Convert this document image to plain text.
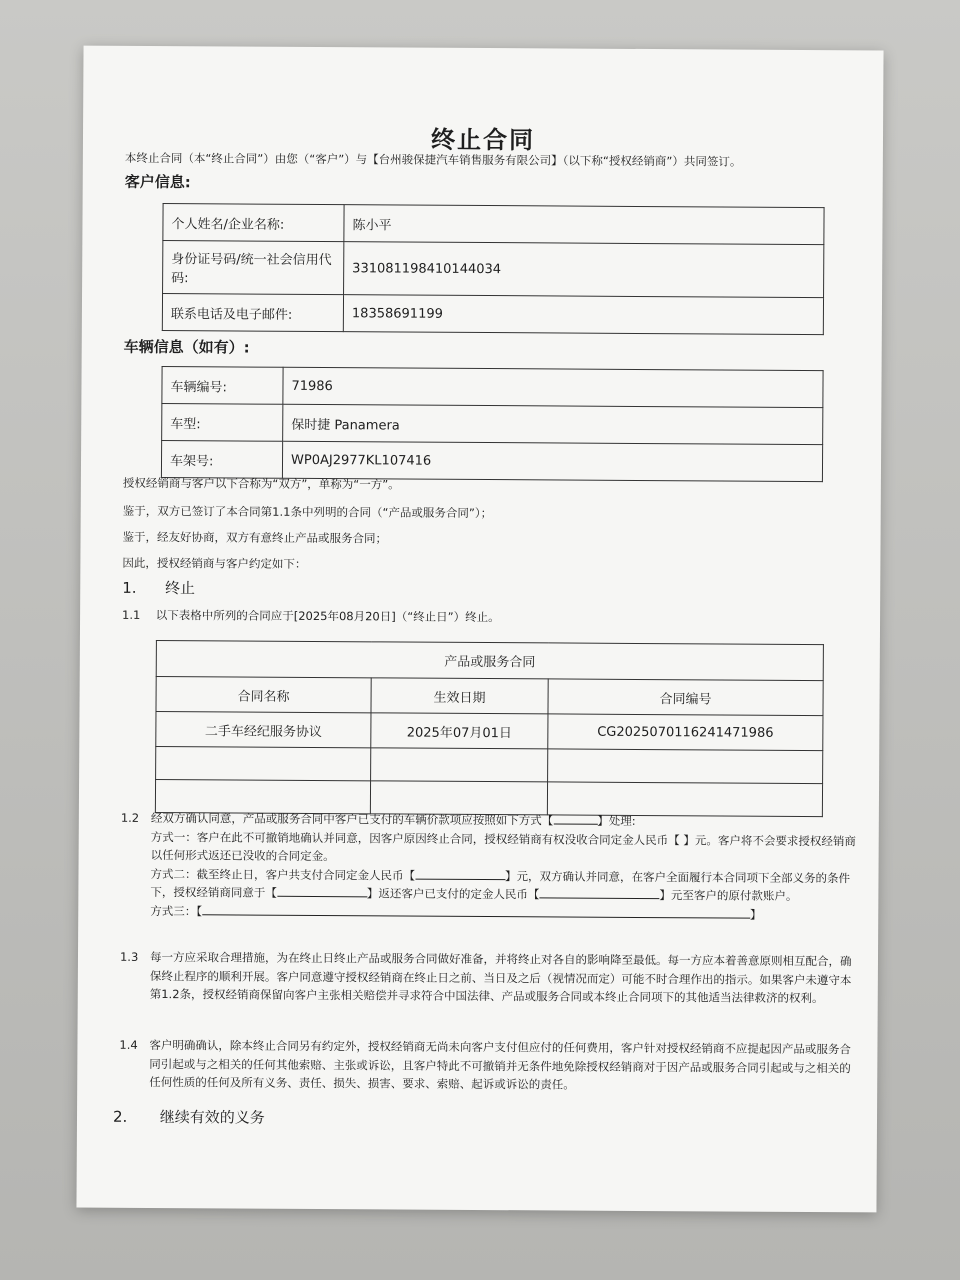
终止合同
本终止合同（本“终止合同”）由您（“客户”）与【台州骏保捷汽车销售服务有限公司】（以下称“授权经销商”）共同签订。
客户信息:
个人姓名/企业名称:	陈小平
身份证号码/统一社会信用代码:	331081198410144034
联系电话及电子邮件:	18358691199
车辆信息（如有）:
车辆编号:	71986
车型:	保时捷 Panamera
车架号:	WP0AJ2977KL107416
授权经销商与客户以下合称为“双方”，单称为“一方”。
鉴于，双方已签订了本合同第1.1条中列明的合同（“产品或服务合同”）；
鉴于，经友好协商，双方有意终止产品或服务合同；
因此，授权经销商与客户约定如下：
1. 终止
1.1 以下表格中所列的合同应于[2025年08月20日]（“终止日”）终止。
产品或服务合同		
合同名称	生效日期	合同编号
二手车经纪服务协议	2025年07月01日	CG2025070116241471986

1.2 经双方确认同意，产品或服务合同中客户已支付的车辆价款项应按照如下方式【	】处理:
方式一：客户在此不可撤销地确认并同意，因客户原因终止合同，授权经销商有权没收合同定金人民币【 】元。客户将不会要求授权经销商以任何形式返还已没收的合同定金。
方式二：截至终止日，客户共支付合同定金人民币【	】元，双方确认并同意，在客户全面履行本合同项下全部义务的条件下，授权经销商同意于【	】返还客户已支付的定金人民币【	】元至客户的原付款账户。
方式三：【	】
1.3 每一方应采取合理措施，为在终止日终止产品或服务合同做好准备，并将终止对各自的影响降至最低。每一方应本着善意原则相互配合，确保终止程序的顺利开展。客户同意遵守授权经销商在终止日之前、当日及之后（视情况而定）可能不时合理作出的指示。如果客户未遵守本第1.2条，授权经销商保留向客户主张相关赔偿并寻求符合中国法律、产品或服务合同或本终止合同项下的其他适当法律救济的权利。
1.4 客户明确确认，除本终止合同另有约定外，授权经销商无尚未向客户支付但应付的任何费用，客户针对授权经销商不应提起因产品或服务合同引起或与之相关的任何其他索赔、主张或诉讼，且客户特此不可撤销并无条件地免除授权经销商对于因产品或服务合同引起或与之相关的任何性质的任何及所有义务、责任、损失、损害、要求、索赔、起诉或诉讼的责任。
2. 继续有效的义务
